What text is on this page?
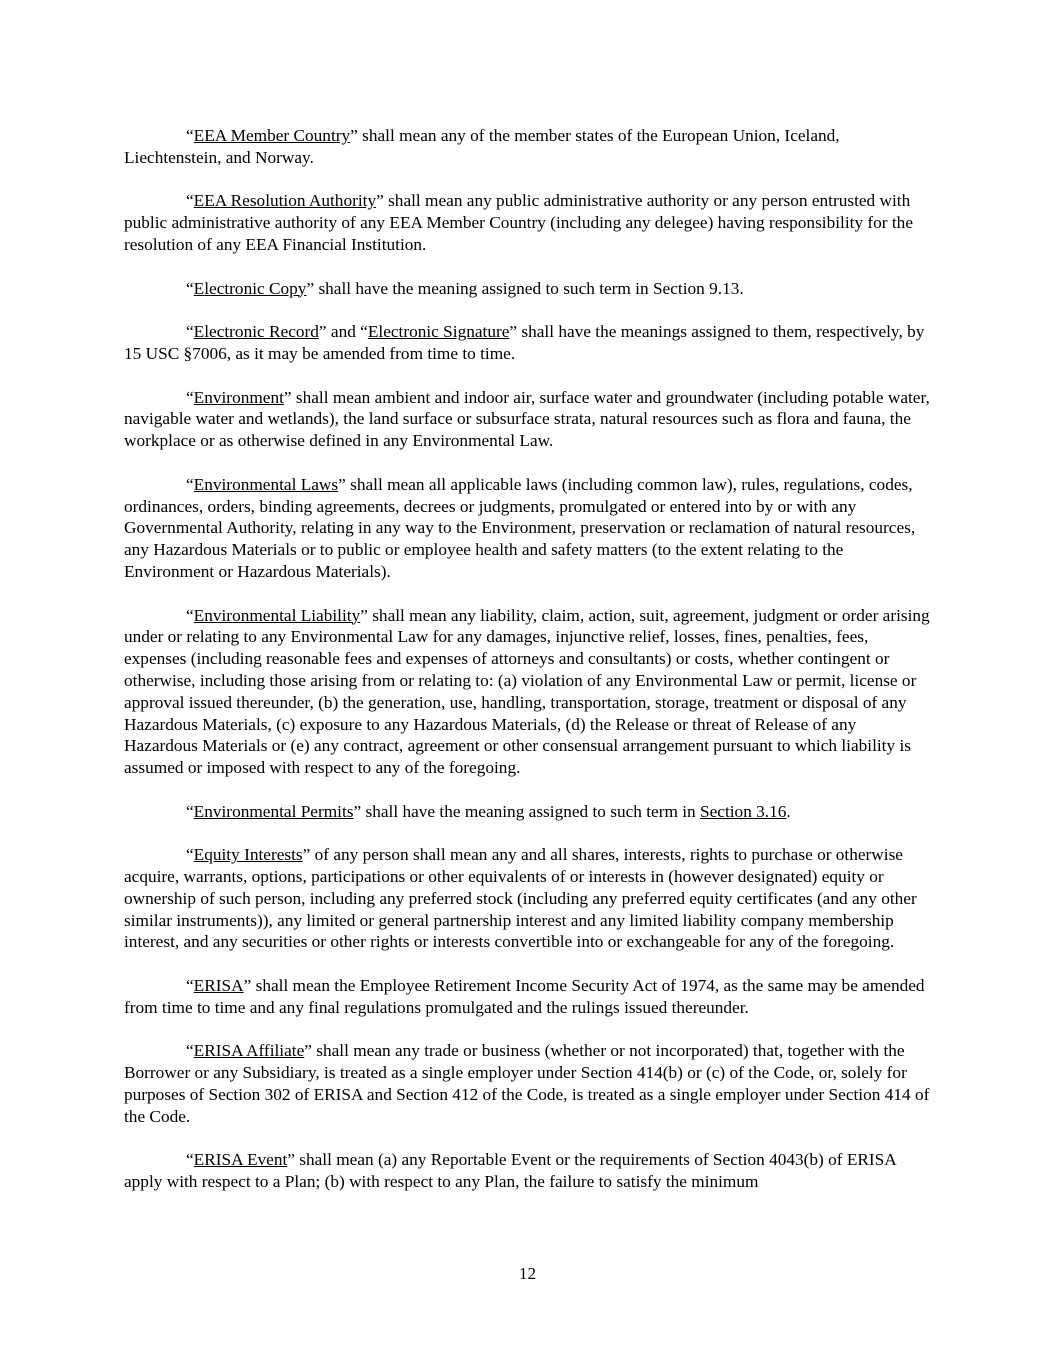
“EEA Member Country” shall mean any of the member states of the European Union, Iceland, Liechtenstein, and Norway.

“EEA Resolution Authority” shall mean any public administrative authority or any person entrusted with public administrative authority of any EEA Member Country (including any delegee) having responsibility for the resolution of any EEA Financial Institution.

“Electronic Copy” shall have the meaning assigned to such term in Section 9.13.

“Electronic Record” and “Electronic Signature” shall have the meanings assigned to them, respectively, by 15 USC §7006, as it may be amended from time to time.

“Environment” shall mean ambient and indoor air, surface water and groundwater (including potable water, navigable water and wetlands), the land surface or subsurface strata, natural resources such as flora and fauna, the workplace or as otherwise defined in any Environmental Law.

“Environmental Laws” shall mean all applicable laws (including common law), rules, regulations, codes, ordinances, orders, binding agreements, decrees or judgments, promulgated or entered into by or with any Governmental Authority, relating in any way to the Environment, preservation or reclamation of natural resources, any Hazardous Materials or to public or employee health and safety matters (to the extent relating to the Environment or Hazardous Materials).

“Environmental Liability” shall mean any liability, claim, action, suit, agreement, judgment or order arising under or relating to any Environmental Law for any damages, injunctive relief, losses, fines, penalties, fees, expenses (including reasonable fees and expenses of attorneys and consultants) or costs, whether contingent or otherwise, including those arising from or relating to: (a) violation of any Environmental Law or permit, license or approval issued thereunder, (b) the generation, use, handling, transportation, storage, treatment or disposal of any Hazardous Materials, (c) exposure to any Hazardous Materials, (d) the Release or threat of Release of any Hazardous Materials or (e) any contract, agreement or other consensual arrangement pursuant to which liability is assumed or imposed with respect to any of the foregoing.

“Environmental Permits” shall have the meaning assigned to such term in Section 3.16.

“Equity Interests” of any person shall mean any and all shares, interests, rights to purchase or otherwise acquire, warrants, options, participations or other equivalents of or interests in (however designated) equity or ownership of such person, including any preferred stock (including any preferred equity certificates (and any other similar instruments)), any limited or general partnership interest and any limited liability company membership interest, and any securities or other rights or interests convertible into or exchangeable for any of the foregoing.

“ERISA” shall mean the Employee Retirement Income Security Act of 1974, as the same may be amended from time to time and any final regulations promulgated and the rulings issued thereunder.

“ERISA Affiliate” shall mean any trade or business (whether or not incorporated) that, together with the Borrower or any Subsidiary, is treated as a single employer under Section 414(b) or (c) of the Code, or, solely for purposes of Section 302 of ERISA and Section 412 of the Code, is treated as a single employer under Section 414 of the Code.

“ERISA Event” shall mean (a) any Reportable Event or the requirements of Section 4043(b) of ERISA apply with respect to a Plan; (b) with respect to any Plan, the failure to satisfy the minimum

12
